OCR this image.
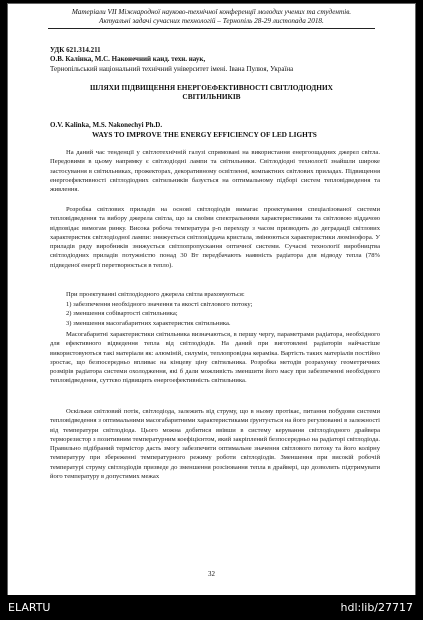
Матеріали VІІ Міжнародної науково-технічної конференції молодих учених та студентів.
Актуальні задачі сучасних технологій – Тернопіль 28-29 листопада 2018.
УДК 621.314.211
О.В. Калінка, М.С. Наконечний канд. техн. наук,
Тернопільський національний технічний університет імені. Івана Пулюя, Україна
ШЛЯХИ ПІДВИЩЕННЯ ЕНЕРГОЕФЕКТИВНОСТІ СВІТЛОДІОДНИХ
СВІТИЛЬНИКІВ
O.V. Kalinka, M.S. Nakonechyi Ph.D.
WAYS TO IMPROVE THE ENERGY EFFICIENCY OF LED LIGHTS

На даний час тенденції у світлотехнічній галузі спрямовані на використання енергоощадних джерел світла. Передовими в цьому напрямку є світлодіодні лампи та світильники. Світлодіодні технології знайшли широке застосування в світильниках, прожекторах, декоративному освітленні, компактних світлових приладах. Підвищення енергоефективності світлодіодних світильників базується на оптимальному підборі систем тепловідведення та живлення.

Розробка світлових приладів на основі світлодіодів вимагає проектування спеціалізованої системи тепловідведення та вибору джерела світла, що за своїми спектральними характеристиками та світловою віддачою відповідає вимогам ринку. Висока робоча температура p-n переходу з часом призводить до деградації світлових характеристик світлодіодної лампи: знижується світловіддача кристала, змінюються характеристики люмінофора. У приладів ряду виробників знижується світлопропускання оптичної системи. Сучасні технології виробництва світлодіодних приладів потужністю понад 30 Вт передбачають наявність радіатора для відводу тепла (78% підведеної енергії перетворюється в тепло).

При проектуванні світлодіодного джерела світла враховуються:

1) забезпечення необхідного значення та якості світлового потоку;
2) зменшення собівартості світильника;
3) зменшення масогабаритних характеристик світильника.

Масогабаритні характеристики світильника визначаються, в першу чергу, параметрами радіатора, необхідного для ефективного відведення тепла від світлодіодів. На даний при виготовлені радіаторів найчастіше використовуються такі матеріали як: алюміній, силумін, теплопровідна кераміка. Вартість таких матеріалів постійно зростає, що безпосередньо впливає на кінцеву ціну світильника. Розробка методів розрахунку геометричних розмірів радіатора системи охолодження, які б дали можливість зменшити його масу при забезпеченні необхідного тепловідведення, суттєво підвищить енергоефективність світильника.

Оскільки світловий потік, світлодіода, залежить від струму, що в ньому протікає, питання побудови системи тепловідведення з оптимальними масогабаритними характеристиками ґрунтується на його регулюванні в залежності від температури світлодіода. Цього можна добитися ввівши в систему керування світлодіодного драйвера терморезистор з позитивним температурним коефіцієнтом, який закріплений безпосередньо на радіаторі світлодіода. Правильно підібраний термістор дасть змогу забезпечити оптимальне значення світлового потоку та його колірну температуру при збереженні температурного режиму роботи світлодіодів. Зменшення при високій робочій температурі струму світлодіодів призведе до зменшення розсіювання тепла в драйвері, що дозволить підтримувати його температуру в допустимих межах

32
ELARTU	hdl:lib/27717
